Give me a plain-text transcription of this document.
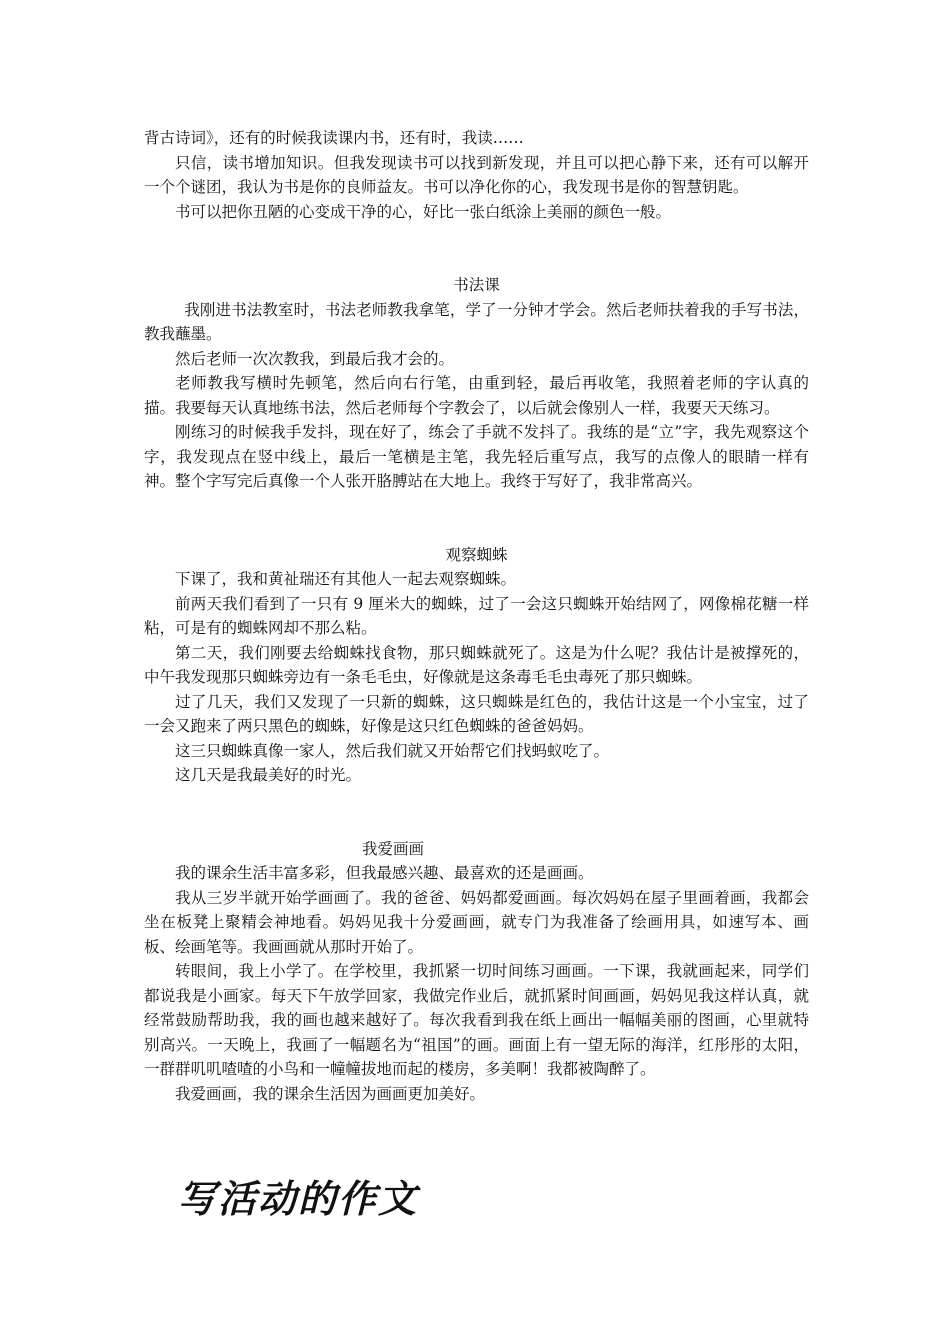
背古诗词》，还有的时候我读课内书，还有时，我读……

只信，读书增加知识。但我发现读书可以找到新发现，并且可以把心静下来，还有可以解开一个个谜团，我认为书是你的良师益友。书可以净化你的心，我发现书是你的智慧钥匙。

书可以把你丑陋的心变成干净的心，好比一张白纸涂上美丽的颜色一般。

书法课

我刚进书法教室时，书法老师教我拿笔，学了一分钟才学会。然后老师扶着我的手写书法，教我蘸墨。

然后老师一次次教我，到最后我才会的。

老师教我写横时先顿笔，然后向右行笔，由重到轻，最后再收笔，我照着老师的字认真的描。我要每天认真地练书法，然后老师每个字教会了，以后就会像别人一样，我要天天练习。

刚练习的时候我手发抖，现在好了，练会了手就不发抖了。我练的是“立”字，我先观察这个字，我发现点在竖中线上，最后一笔横是主笔，我先轻后重写点，我写的点像人的眼睛一样有神。整个字写完后真像一个人张开胳膊站在大地上。我终于写好了，我非常高兴。

观察蜘蛛

下课了，我和黄祉瑞还有其他人一起去观察蜘蛛。

前两天我们看到了一只有 9 厘米大的蜘蛛，过了一会这只蜘蛛开始结网了，网像棉花糖一样粘，可是有的蜘蛛网却不那么粘。

第二天，我们刚要去给蜘蛛找食物，那只蜘蛛就死了。这是为什么呢？我估计是被撑死的，中午我发现那只蜘蛛旁边有一条毛毛虫，好像就是这条毒毛毛虫毒死了那只蜘蛛。

过了几天，我们又发现了一只新的蜘蛛，这只蜘蛛是红色的，我估计这是一个小宝宝，过了一会又跑来了两只黑色的蜘蛛，好像是这只红色蜘蛛的爸爸妈妈。

这三只蜘蛛真像一家人，然后我们就又开始帮它们找蚂蚁吃了。

这几天是我最美好的时光。

我爱画画

我的课余生活丰富多彩，但我最感兴趣、最喜欢的还是画画。

我从三岁半就开始学画画了。我的爸爸、妈妈都爱画画。每次妈妈在屋子里画着画，我都会坐在板凳上聚精会神地看。妈妈见我十分爱画画，就专门为我准备了绘画用具，如速写本、画板、绘画笔等。我画画就从那时开始了。

转眼间，我上小学了。在学校里，我抓紧一切时间练习画画。一下课，我就画起来，同学们都说我是小画家。每天下午放学回家，我做完作业后，就抓紧时间画画，妈妈见我这样认真，就经常鼓励帮助我，我的画也越来越好了。每次我看到我在纸上画出一幅幅美丽的图画，心里就特别高兴。一天晚上，我画了一幅题名为“祖国”的画。画面上有一望无际的海洋，红彤彤的太阳，一群群叽叽喳喳的小鸟和一幢幢拔地而起的楼房，多美啊！我都被陶醉了。

我爱画画，我的课余生活因为画画更加美好。

写活动的作文
